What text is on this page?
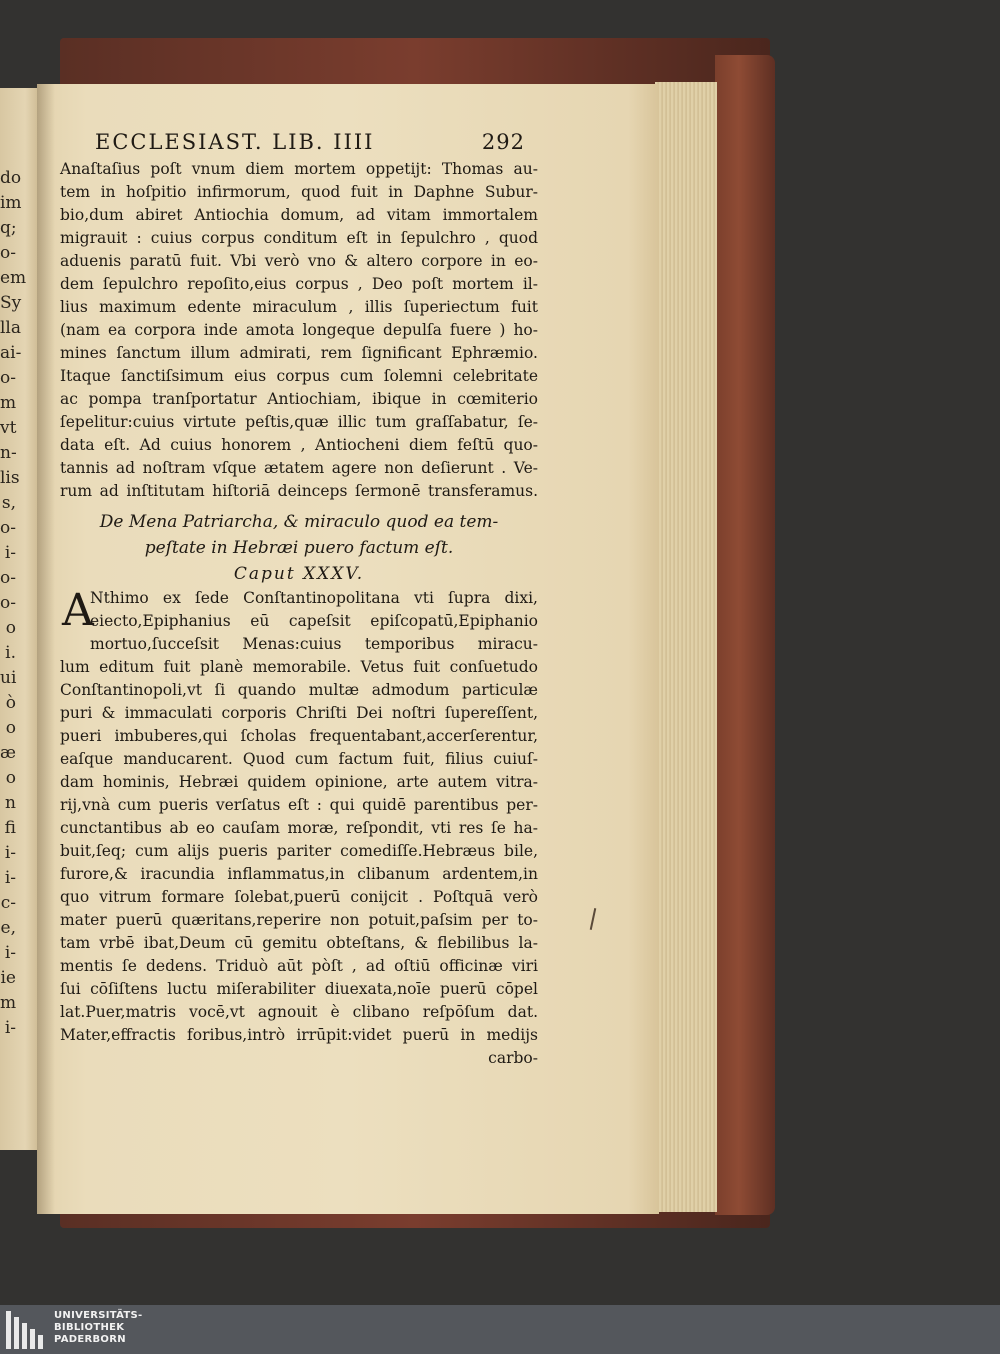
do
im
q;
o-
em
Sy
lla
ai-
o-
m
vt
n-
lis
s,
o-
i-
o-
o-
o
i.
ui
ò
o
æ
o
n
fi
i-
i-
c-
e,
i-
ie
m
i-
ECCLESIAST. LIB. IIII	292
Anaſtaſius poſt vnum diem mortem oppetijt: Thomas au-
tem in hoſpitio infirmorum, quod fuit in Daphne Subur-
bio,dum abiret Antiochia domum, ad vitam immortalem
migrauit : cuius corpus conditum eſt in ſepulchro , quod
aduenis paratū fuit. Vbi verò vno & altero corpore in eo-
dem ſepulchro repoſito,eius corpus , Deo poſt mortem il-
lius maximum edente miraculum , illis ſuperiectum fuit
(nam ea corpora inde amota longeque depulſa fuere ) ho-
mines ſanctum illum admirati, rem ſignificant Ephræmio.
Itaque ſanctiſsimum eius corpus cum ſolemni celebritate
ac pompa tranſportatur Antiochiam, ibique in cœmiterio
ſepelitur:cuius virtute peſtis,quæ illic tum graſſabatur, ſe-
data eſt. Ad cuius honorem , Antiocheni diem feſtū quo-
tannis ad noſtram vſque ætatem agere non deſierunt . Ve-
rum ad inſtitutam hiſtoriā deinceps ſermonē transferamus.
De Mena Patriarcha, & miraculo quod ea tem-
peſtate in Hebræi puero factum eſt.
Caput XXXV.
A
Nthimo ex ſede Conſtantinopolitana vti ſupra dixi,
eiecto,Epiphanius eū capeſsit epiſcopatū,Epiphanio
mortuo,ſucceſsit Menas:cuius temporibus miracu-
lum editum fuit planè memorabile. Vetus fuit conſuetudo
Conſtantinopoli,vt ſi quando multæ admodum particulæ
puri & immaculati corporis Chriſti Dei noſtri ſupereſſent,
pueri imbuberes,qui ſcholas frequentabant,accerſerentur,
eaſque manducarent. Quod cum factum fuit, filius cuiuſ-
dam hominis, Hebræi quidem opinione, arte autem vitra-
rij,vnà cum pueris verſatus eſt : qui quidē parentibus per-
cunctantibus ab eo cauſam moræ, reſpondit, vti res ſe ha-
buit,ſeq; cum alijs pueris pariter comediſſe.Hebræus bile,
furore,& iracundia inflammatus,in clibanum ardentem,in
quo vitrum formare ſolebat,puerū conijcit . Poſtquā verò
mater puerū quæritans,reperire non potuit,paſsim per to-
tam vrbē ibat,Deum cū gemitu obteſtans, & flebilibus la-
mentis ſe dedens. Triduò aūt pòſt , ad oſtiū officinæ viri
ſui cōſiſtens luctu miſerabiliter diuexata,noīe puerū cōpel
lat.Puer,matris vocē,vt agnouit è clibano reſpōſum dat.
Mater,effractis foribus,intrò irrūpit:videt puerū in medijs
carbo-
UNIVERSITÄTS-
BIBLIOTHEK
PADERBORN
